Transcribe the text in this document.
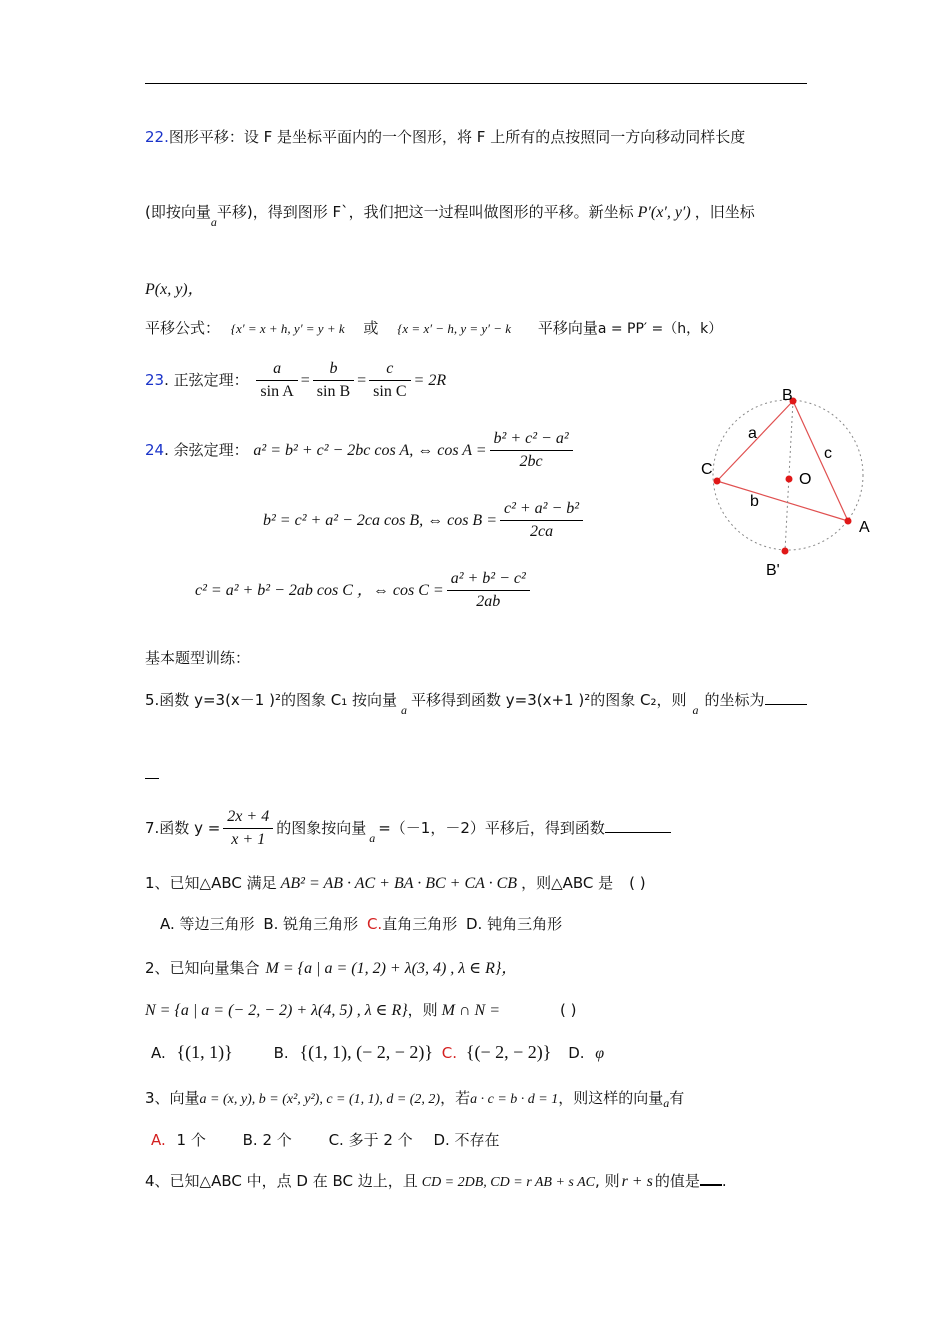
22.图形平移：设 F 是坐标平面内的一个图形，将 F 上所有的点按照同一方向移动同样长度
(即按向量$_a$平移)，得到图形 F`，我们把这一过程叫做图形的平移。新坐标 P′(x′, y′) ，旧坐标
P(x, y)，
平移公式： {x′ = x + h, y′ = y + k 或 {x = x′ − h, y = y′ − k 平移向量a = PP′ =（h，k）
23. 正弦定理： $\frac{a}{\text{sin A}} = \frac{b}{\text{sin B}} = \frac{c}{\text{sin C}} = 2R$
24. 余弦定理： a² = b² + c² − 2bc cos A, ⇔ $\cos A = \frac{\text{b² + c² − a²}}{2bc}$
b² = c² + a² − 2ca cos B, ⇔ $\cos B = \frac{\text{c² + a² − b²}}{2ca}$
c² = a² + b² − 2ab cos C ，⇔ $\cos C = \frac{\text{a² + b² − c²}}{2ab}$
B
C
A
O
B'
a
c
b
基本题型训练：
5.函数 y=3(x－1 )²的图象 C₁ 按向量$_a$平移得到函数 y=3(x+1 )²的图象 C₂，则$_a$的坐标为
7.函数 $y = \frac{2x + 4}{x + 1}$ 的图象按向量$_a$=（－1，－2）平移后，得到函数
1、已知△ABC 满足 AB² = AB · AC + BA · BC + CA · CB ，则△ABC 是 ( )
A. 等边三角形 B. 锐角三角形 C.直角三角形 D. 钝角三角形
2、已知向量集合 M = {a | a = (1, 2) + λ(3, 4) , λ ∈ R}，
N = {a | a = (− 2, − 2) + λ(4, 5) , λ ∈ R}，则 M ∩ N =	( )
A. {(1, 1)}	B. {(1, 1), (− 2, − 2)} C. {(− 2, − 2)} D. φ
3、向量a = (x, y), b = (x², y²), c = (1, 1), d = (2, 2)，若a · c = b · d = 1，则这样的向量$_a$有
A. 1 个 B. 2 个 C. 多于 2 个 D. 不存在
4、已知△ABC 中，点 D 在 BC 边上，且 CD = 2DB, CD = r AB + s AC, 则 r + s 的值是 .
